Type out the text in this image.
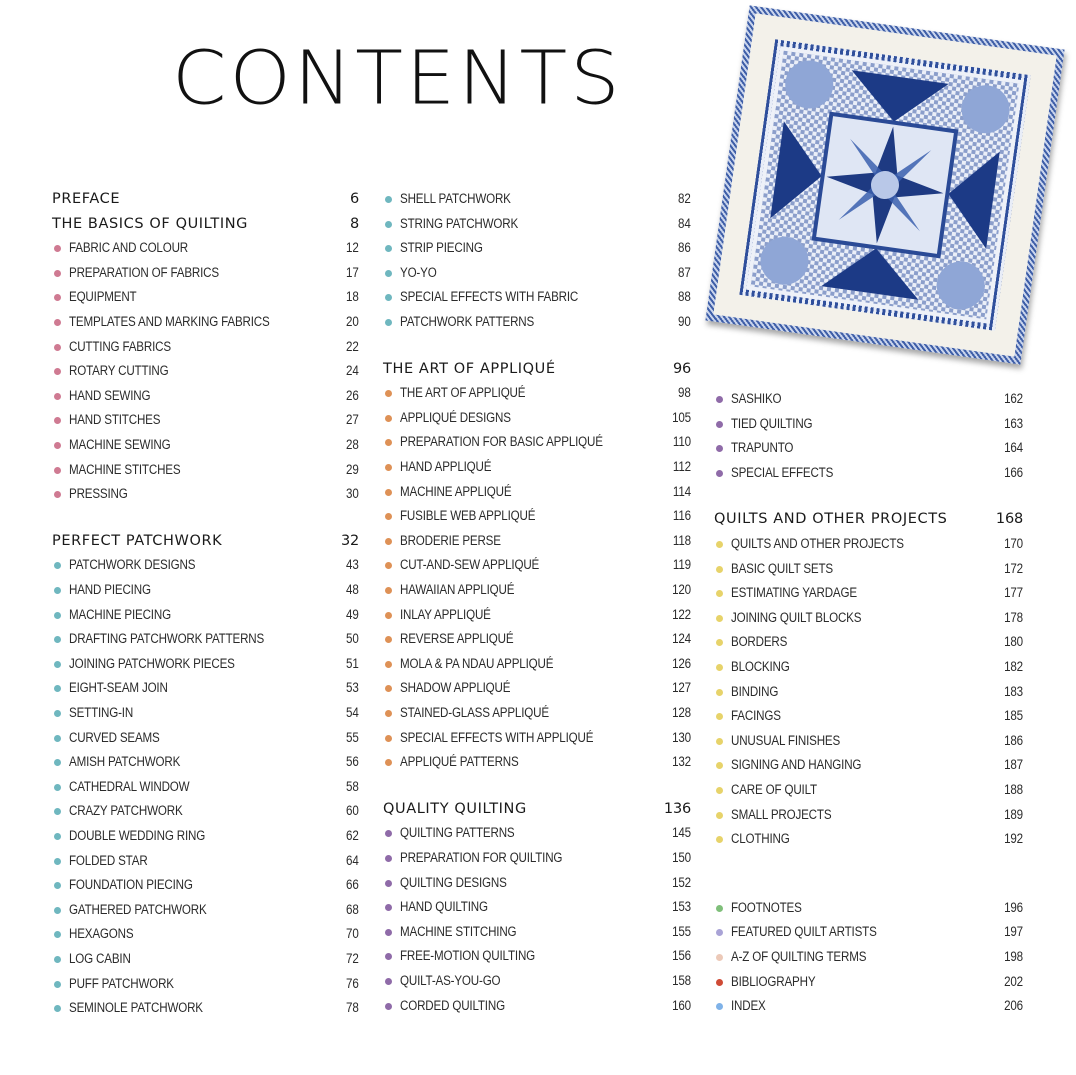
CONTENTS
PREFACE	6
THE BASICS OF QUILTING	8
FABRIC AND COLOUR	12
PREPARATION OF FABRICS	17
EQUIPMENT	18
TEMPLATES AND MARKING FABRICS	20
CUTTING FABRICS	22
ROTARY CUTTING	24
HAND SEWING	26
HAND STITCHES	27
MACHINE SEWING	28
MACHINE STITCHES	29
PRESSING	30
PERFECT PATCHWORK	32
PATCHWORK DESIGNS	43
HAND PIECING	48
MACHINE PIECING	49
DRAFTING PATCHWORK PATTERNS	50
JOINING PATCHWORK PIECES	51
EIGHT-SEAM JOIN	53
SETTING-IN	54
CURVED SEAMS	55
AMISH PATCHWORK	56
CATHEDRAL WINDOW	58
CRAZY PATCHWORK	60
DOUBLE WEDDING RING	62
FOLDED STAR	64
FOUNDATION PIECING	66
GATHERED PATCHWORK	68
HEXAGONS	70
LOG CABIN	72
PUFF PATCHWORK	76
SEMINOLE PATCHWORK	78
SHELL PATCHWORK	82
STRING PATCHWORK	84
STRIP PIECING	86
YO-YO	87
SPECIAL EFFECTS WITH FABRIC	88
PATCHWORK PATTERNS	90
THE ART OF APPLIQUÉ	96
THE ART OF APPLIQUÉ	98
APPLIQUÉ DESIGNS	105
PREPARATION FOR BASIC APPLIQUÉ	110
HAND APPLIQUÉ	112
MACHINE APPLIQUÉ	114
FUSIBLE WEB APPLIQUÉ	116
BRODERIE PERSE	118
CUT-AND-SEW APPLIQUÉ	119
HAWAIIAN APPLIQUÉ	120
INLAY APPLIQUÉ	122
REVERSE APPLIQUÉ	124
MOLA & PA NDAU APPLIQUÉ	126
SHADOW APPLIQUÉ	127
STAINED-GLASS APPLIQUÉ	128
SPECIAL EFFECTS WITH APPLIQUÉ	130
APPLIQUÉ PATTERNS	132
QUALITY QUILTING	136
QUILTING PATTERNS	145
PREPARATION FOR QUILTING	150
QUILTING DESIGNS	152
HAND QUILTING	153
MACHINE STITCHING	155
FREE-MOTION QUILTING	156
QUILT-AS-YOU-GO	158
CORDED QUILTING	160
SASHIKO	162
TIED QUILTING	163
TRAPUNTO	164
SPECIAL EFFECTS	166
QUILTS AND OTHER PROJECTS	168
QUILTS AND OTHER PROJECTS	170
BASIC QUILT SETS	172
ESTIMATING YARDAGE	177
JOINING QUILT BLOCKS	178
BORDERS	180
BLOCKING	182
BINDING	183
FACINGS	185
UNUSUAL FINISHES	186
SIGNING AND HANGING	187
CARE OF QUILT	188
SMALL PROJECTS	189
CLOTHING	192
FOOTNOTES	196
FEATURED QUILT ARTISTS	197
A-Z OF QUILTING TERMS	198
BIBLIOGRAPHY	202
INDEX	206
